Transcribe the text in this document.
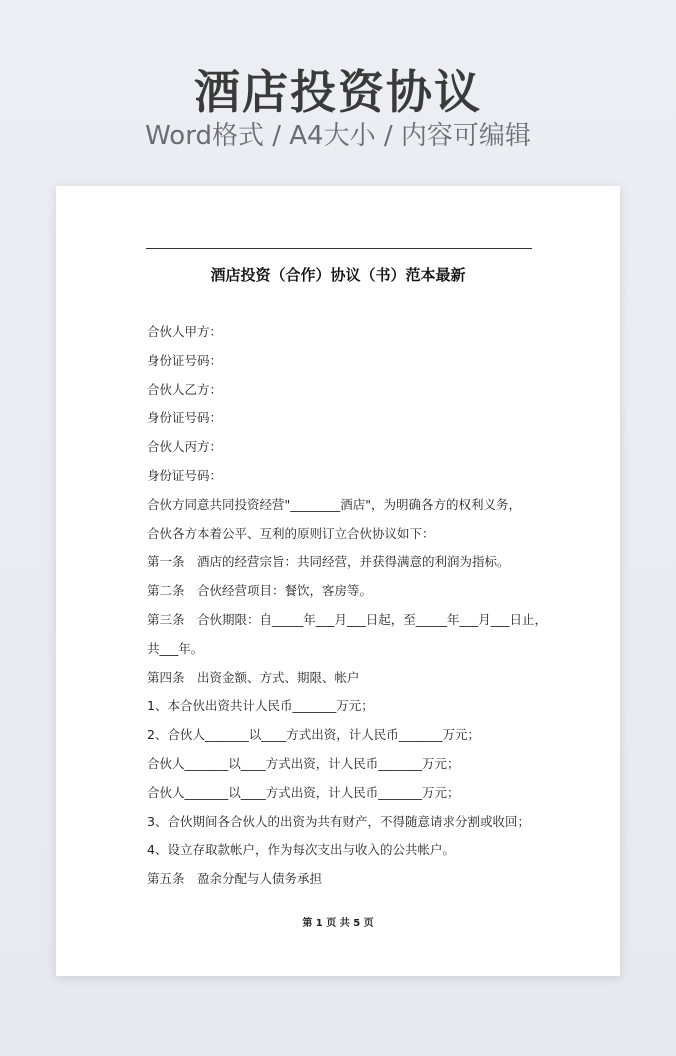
酒店投资协议
Word格式 / A4大小 / 内容可编辑
酒店投资（合作）协议（书）范本最新
合伙人甲方：
身份证号码：
合伙人乙方：
身份证号码：
合伙人丙方：
身份证号码：
合伙方同意共同投资经营"________酒店"，为明确各方的权利义务，
合伙各方本着公平、互利的原则订立合伙协议如下：
第一条　酒店的经营宗旨：共同经营，并获得满意的利润为指标。
第二条　合伙经营项目：餐饮，客房等。
第三条　合伙期限：自_____年___月___日起，至_____年___月___日止，
共___年。
第四条　出资金额、方式、期限、帐户
1、本合伙出资共计人民币_______万元；
2、合伙人_______以____方式出资，计人民币_______万元；
合伙人_______以____方式出资，计人民币_______万元；
合伙人_______以____方式出资，计人民币_______万元；
3、合伙期间各合伙人的出资为共有财产，不得随意请求分割或收回；
4、设立存取款帐户，作为每次支出与收入的公共帐户。
第五条　盈余分配与人债务承担
第 1 页 共 5 页
